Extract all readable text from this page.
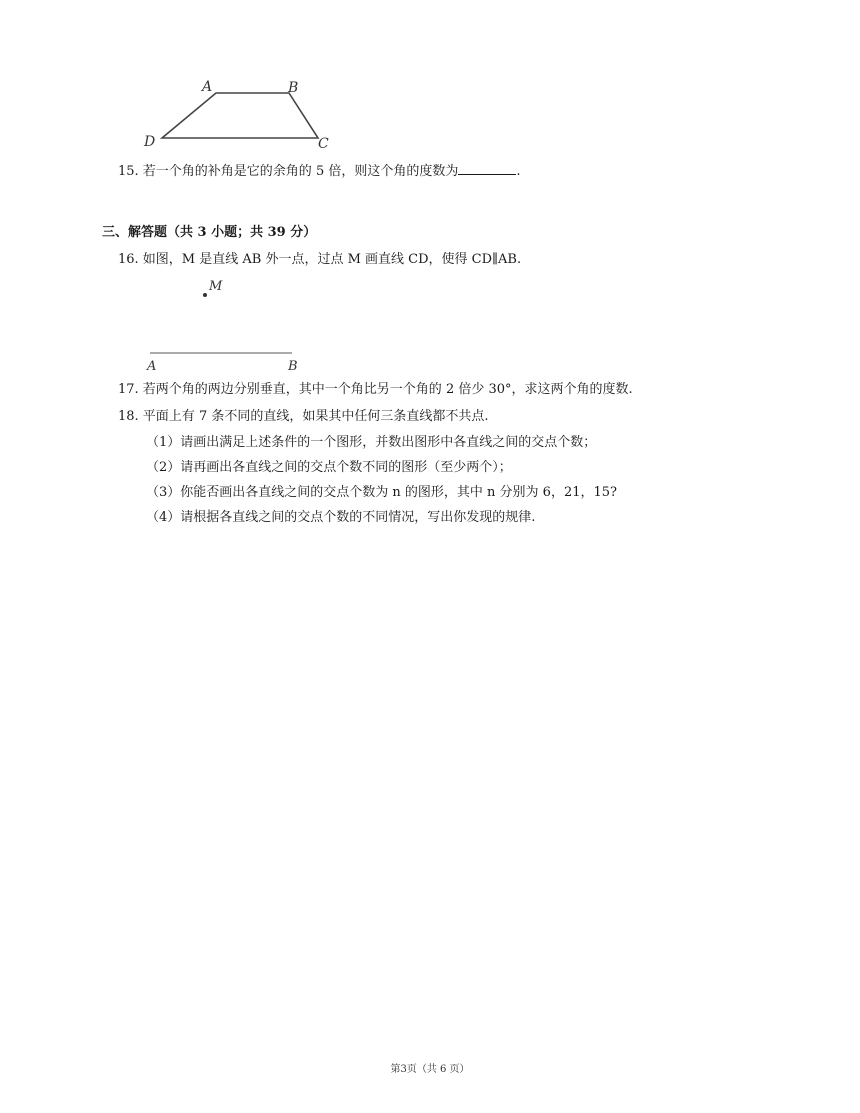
A	B
C
D
15. 若一个角的补角是它的余角的 5 倍，则这个角的度数为	.
三、解答题（共 3 小题；共 39 分）
16. 如图，M 是直线 AB 外一点，过点 M 画直线 CD，使得 CD∥AB.
M
A	B
17. 若两个角的两边分别垂直，其中一个角比另一个角的 2 倍少 30°，求这两个角的度数.
18. 平面上有 7 条不同的直线，如果其中任何三条直线都不共点.
（1）请画出满足上述条件的一个图形，并数出图形中各直线之间的交点个数；
（2）请再画出各直线之间的交点个数不同的图形（至少两个）；
（3）你能否画出各直线之间的交点个数为 n 的图形，其中 n 分别为 6，21，15?
（4）请根据各直线之间的交点个数的不同情况，写出你发现的规律.
第3页（共 6 页）
